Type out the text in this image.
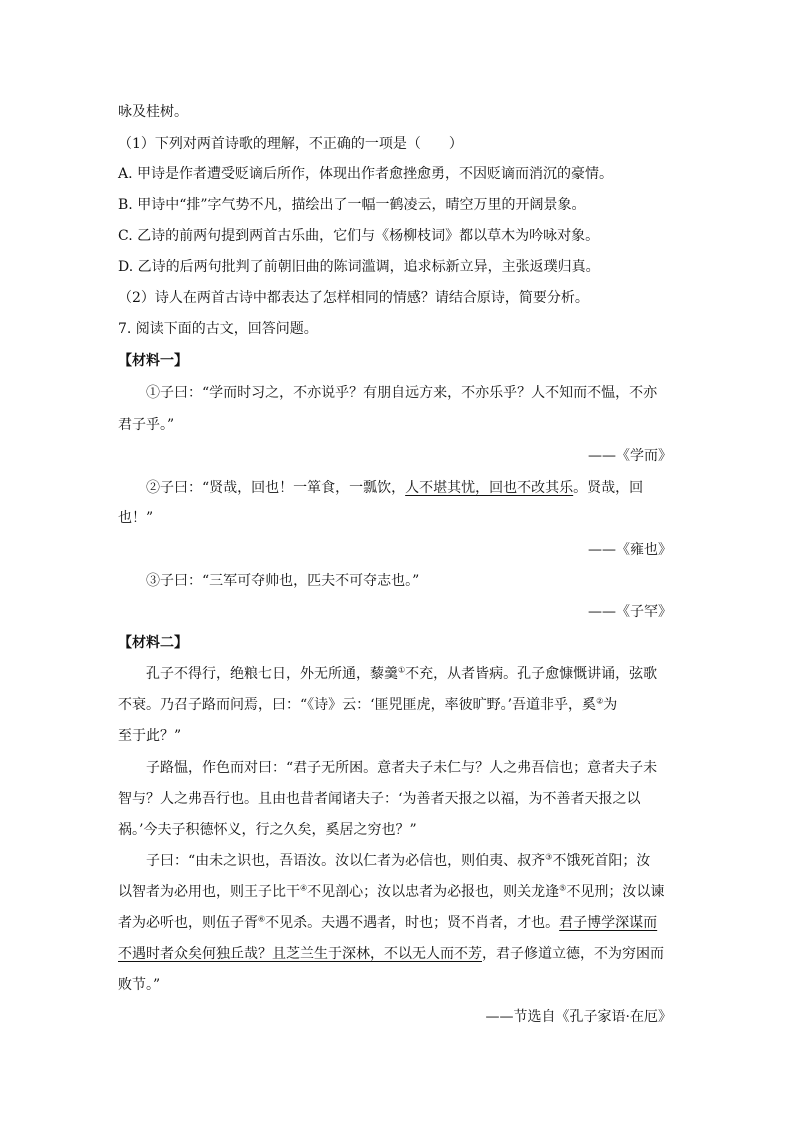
咏及桂树。
（1）下列对两首诗歌的理解，不正确的一项是（　　）
A. 甲诗是作者遭受贬谪后所作，体现出作者愈挫愈勇，不因贬谪而消沉的豪情。
B. 甲诗中“排”字气势不凡，描绘出了一幅一鹤凌云，晴空万里的开阔景象。
C. 乙诗的前两句提到两首古乐曲，它们与《杨柳枝词》都以草木为吟咏对象。
D. 乙诗的后两句批判了前朝旧曲的陈词滥调，追求标新立异，主张返璞归真。
（2）诗人在两首古诗中都表达了怎样相同的情感？请结合原诗，简要分析。
7. 阅读下面的古文，回答问题。
【材料一】
①子曰：“学而时习之，不亦说乎？有朋自远方来，不亦乐乎？人不知而不愠，不亦
君子乎。”
——《学而》
②子曰：“贤哉，回也！一箪食，一瓢饮，人不堪其忧，回也不改其乐。贤哉，回
也！”
——《雍也》
③子曰：“三军可夺帅也，匹夫不可夺志也。”
——《子罕》
【材料二】
孔子不得行，绝粮七日，外无所通，藜羹①不充，从者皆病。孔子愈慷慨讲诵，弦歌
不衰。乃召子路而问焉，曰：“《诗》云：‘匪兕匪虎，率彼旷野。’吾道非乎，奚②为
至于此？”
子路愠，作色而对曰：“君子无所困。意者夫子未仁与？人之弗吾信也；意者夫子未
智与？人之弗吾行也。且由也昔者闻诸夫子：‘为善者天报之以福，为不善者天报之以
祸。’今夫子积德怀义，行之久矣，奚居之穷也？”
子曰：“由未之识也，吾语汝。汝以仁者为必信也，则伯夷、叔齐③不饿死首阳；汝
以智者为必用也，则王子比干④不见剖心；汝以忠者为必报也，则关龙逢⑤不见刑；汝以谏
者为必听也，则伍子胥⑥不见杀。夫遇不遇者，时也；贤不肖者，才也。君子博学深谋而
不遇时者众矣何独丘哉？且芝兰生于深林，不以无人而不芳，君子修道立德，不为穷困而
败节。”
——节选自《孔子家语·在厄》
